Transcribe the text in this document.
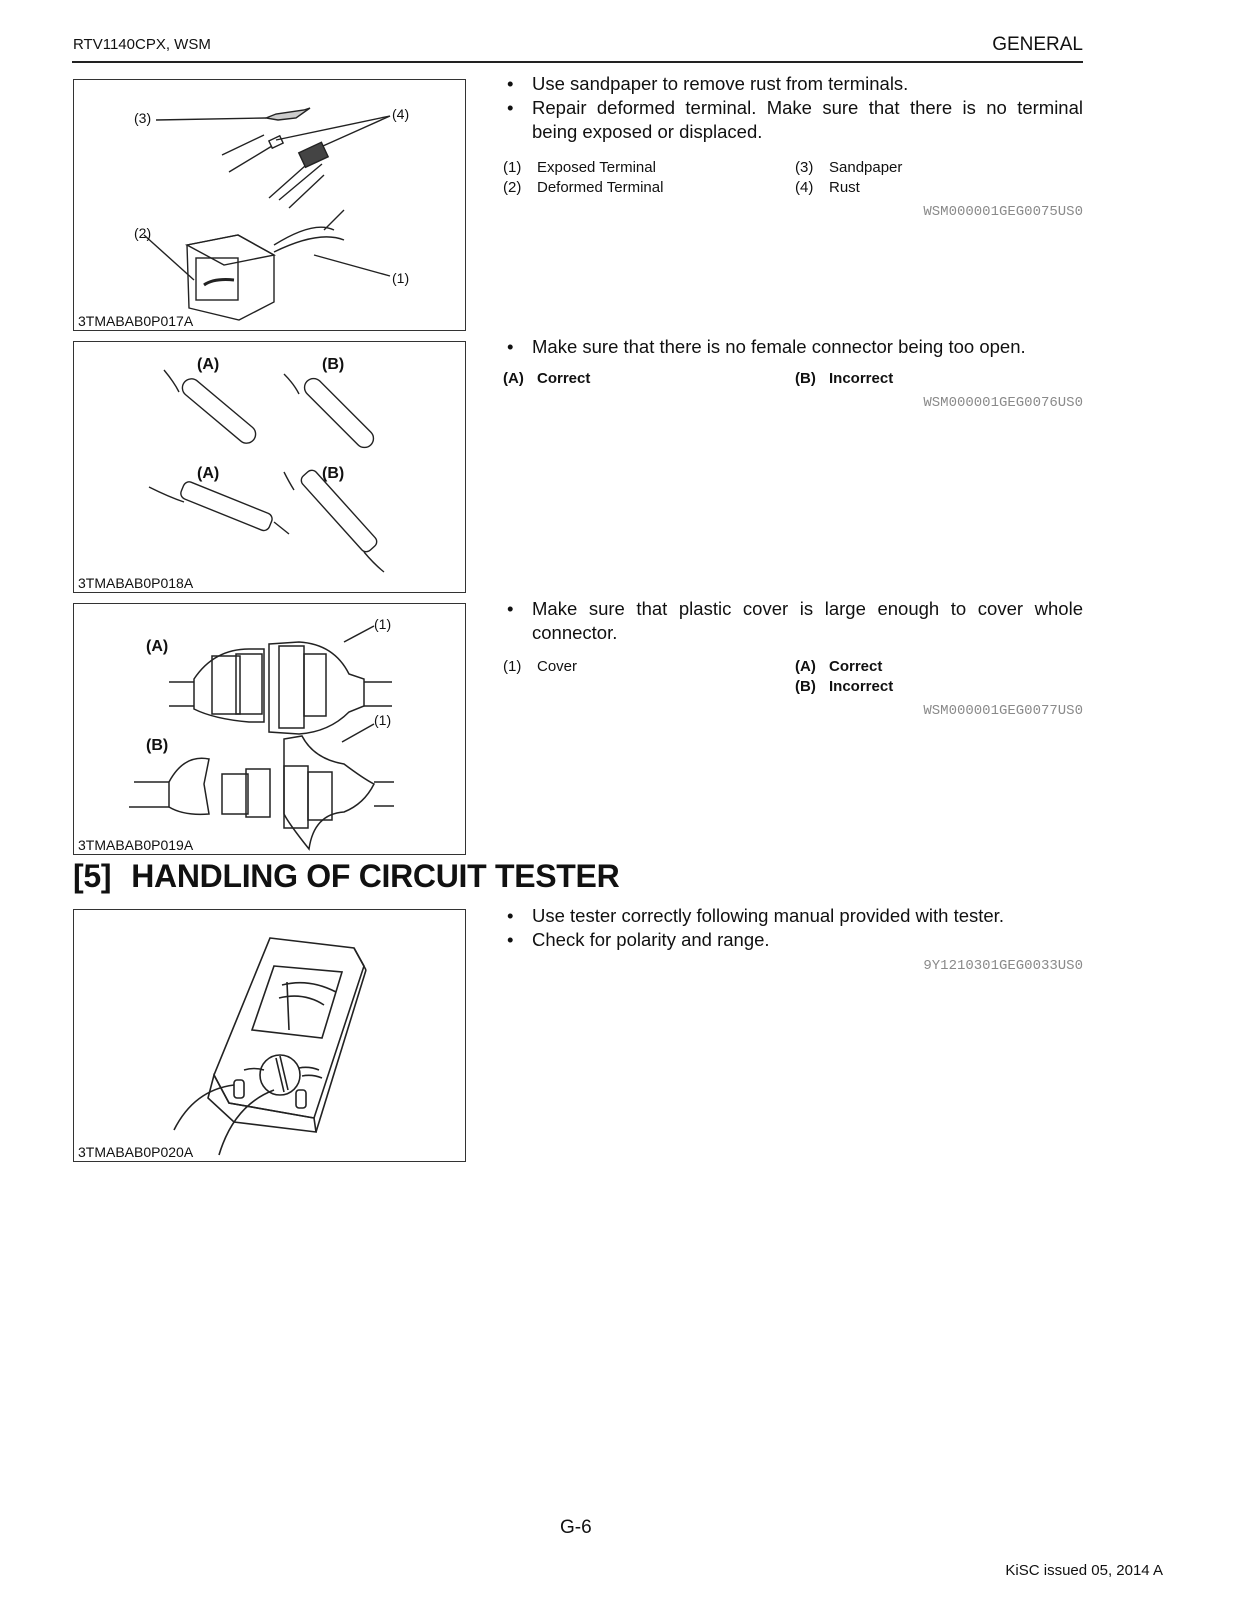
RTV1140CPX, WSM	GENERAL
(3)	(4)
(2)
(1)
3TMABAB0P017A
• Use sandpaper to remove rust from terminals.
• Repair deformed terminal. Make sure that there is no terminal being exposed or displaced.
(1)	Exposed Terminal	(3)	Sandpaper
(2)	Deformed Terminal	(4)	Rust
WSM000001GEG0075US0
(A)	(B)
(A)	(B)
3TMABAB0P018A
• Make sure that there is no female connector being too open.
(A) Correct	(B) Incorrect
WSM000001GEG0076US0
(A)
(1)
(B)
(1)
3TMABAB0P019A
• Make sure that plastic cover is large enough to cover whole connector.
(1)	Cover	(A) Correct
(B) Incorrect
WSM000001GEG0077US0
[5] HANDLING OF CIRCUIT TESTER
3TMABAB0P020A
• Use tester correctly following manual provided with tester.
• Check for polarity and range.
9Y1210301GEG0033US0
G-6
KiSC issued 05, 2014 A
